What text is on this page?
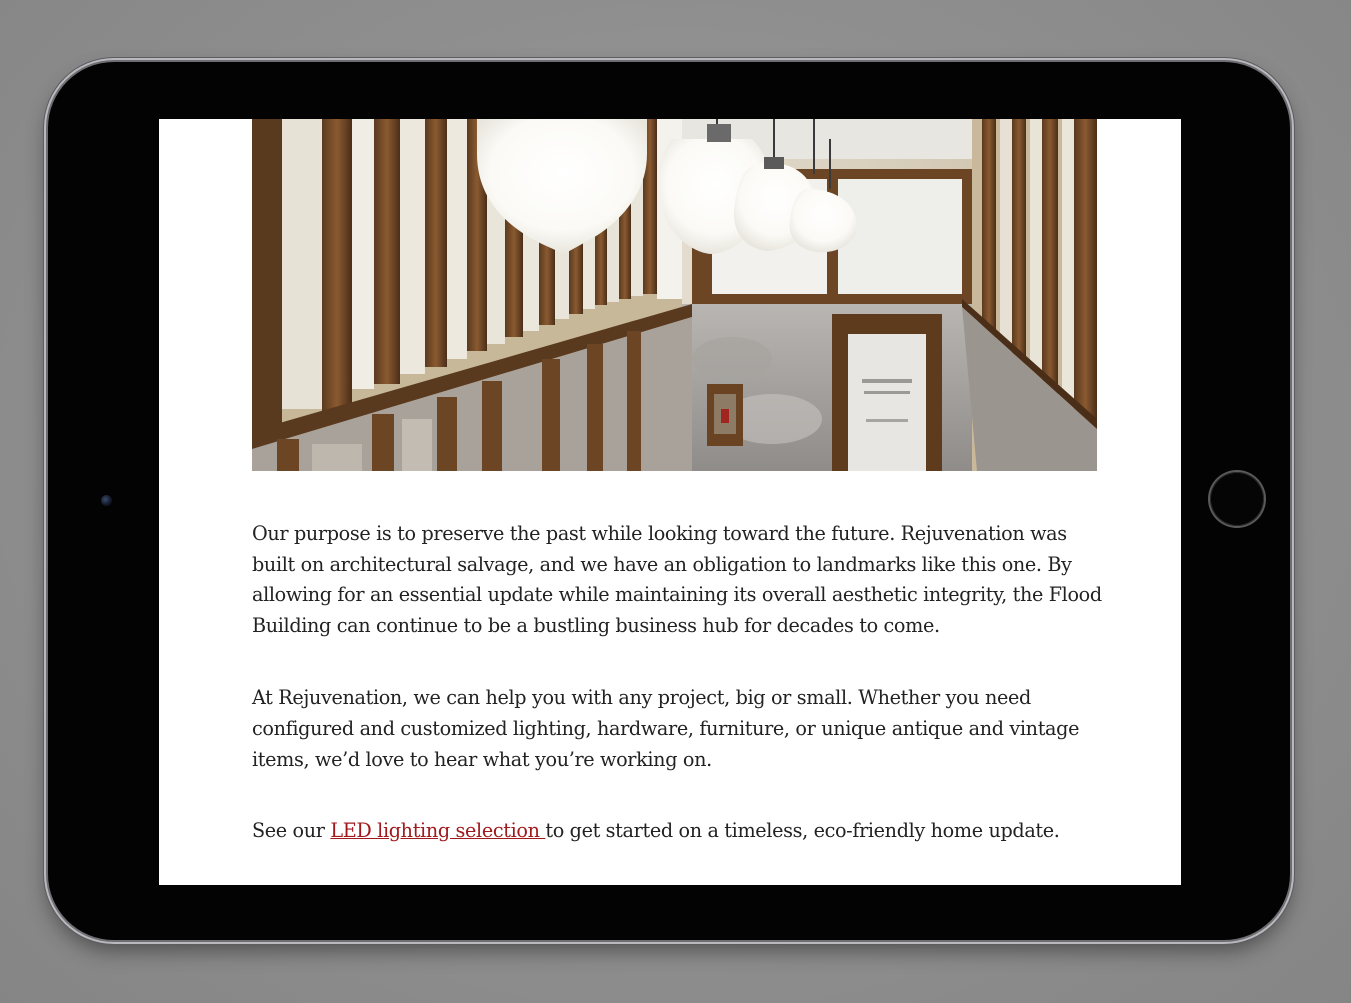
Our purpose is to preserve the past while looking toward the future. Rejuvenation was built on architectural salvage, and we have an obligation to landmarks like this one. By allowing for an essential update while maintaining its overall aesthetic integrity, the Flood Building can continue to be a bustling business hub for decades to come.

At Rejuvenation, we can help you with any project, big or small. Whether you need configured and customized lighting, hardware, furniture, or unique antique and vintage items, we’d love to hear what you’re working on.

See our LED lighting selection to get started on a timeless, eco-friendly home update.
